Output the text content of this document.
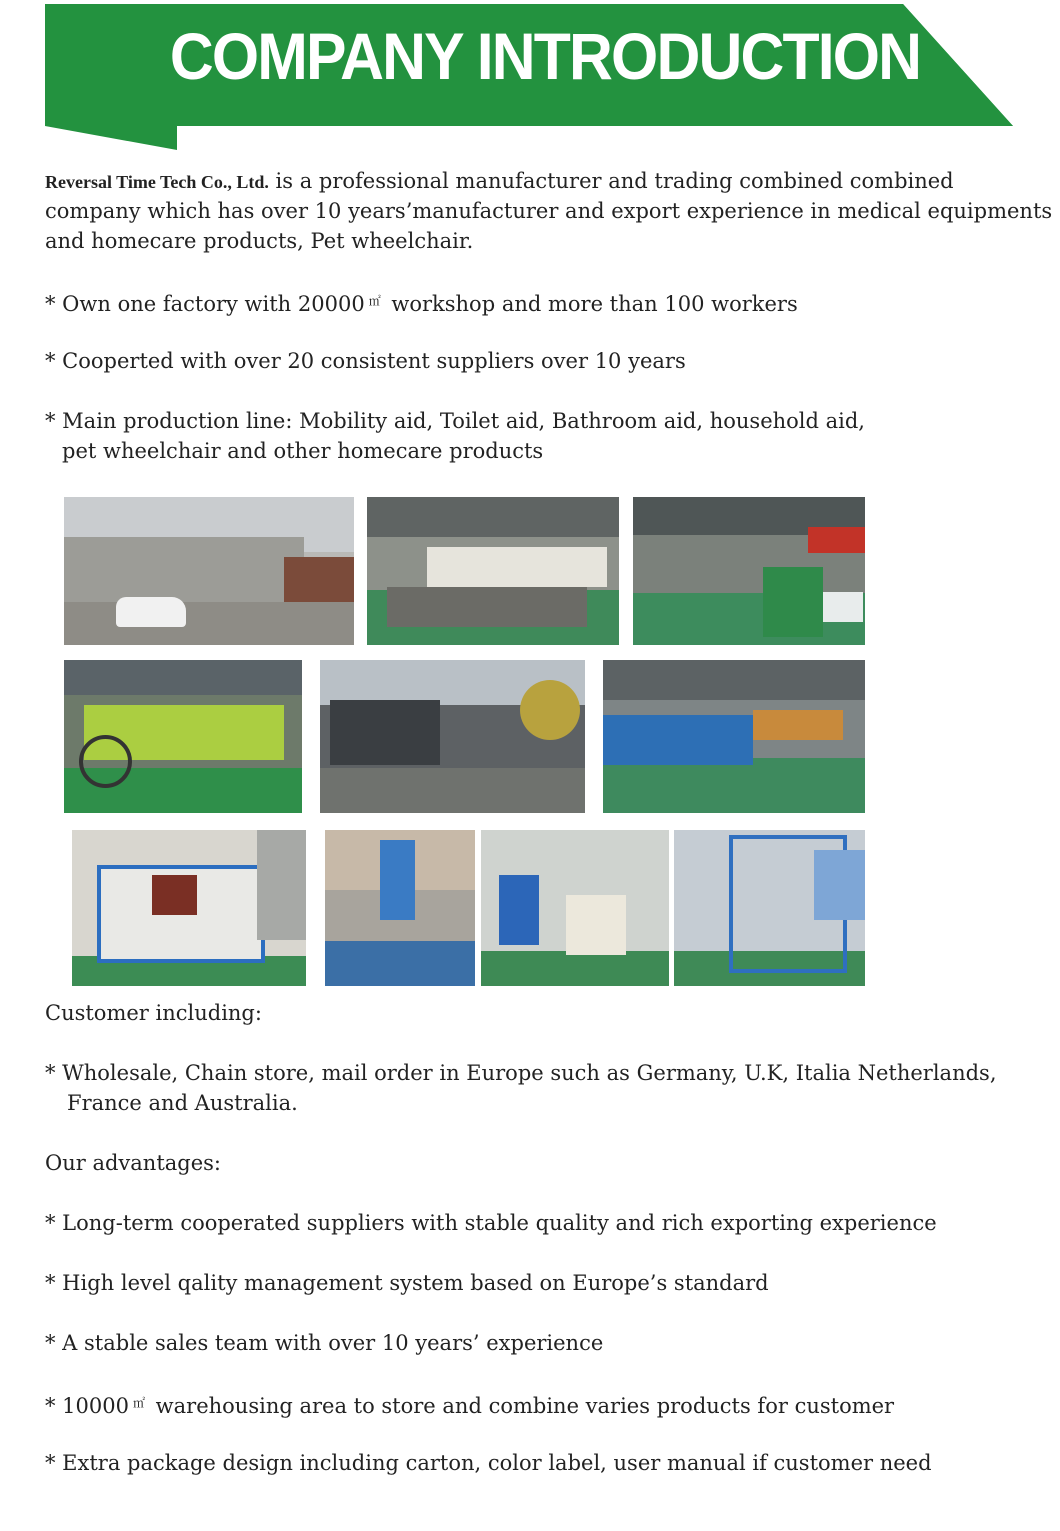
COMPANY INTRODUCTION
Reversal Time Tech Co., Ltd. is a professional manufacturer and trading combined combined
company which has over 10 years’manufacturer and export experience in medical equipments
and homecare products, Pet wheelchair.
* Own one factory with 20000 ㎡ workshop and more than 100 workers
* Cooperted with over 20 consistent suppliers over 10 years
* Main production line: Mobility aid, Toilet aid, Bathroom aid, household aid,
pet wheelchair and other homecare products
Customer including:
* Wholesale, Chain store, mail order in Europe such as Germany, U.K, Italia Netherlands,
France and Australia.
Our advantages:
* Long-term cooperated suppliers with stable quality and rich exporting experience
* High level qality management system based on Europe’s standard
* A stable sales team with over 10 years’ experience
* 10000 ㎡ warehousing area to store and combine varies products for customer
* Extra package design including carton, color label, user manual if customer need
